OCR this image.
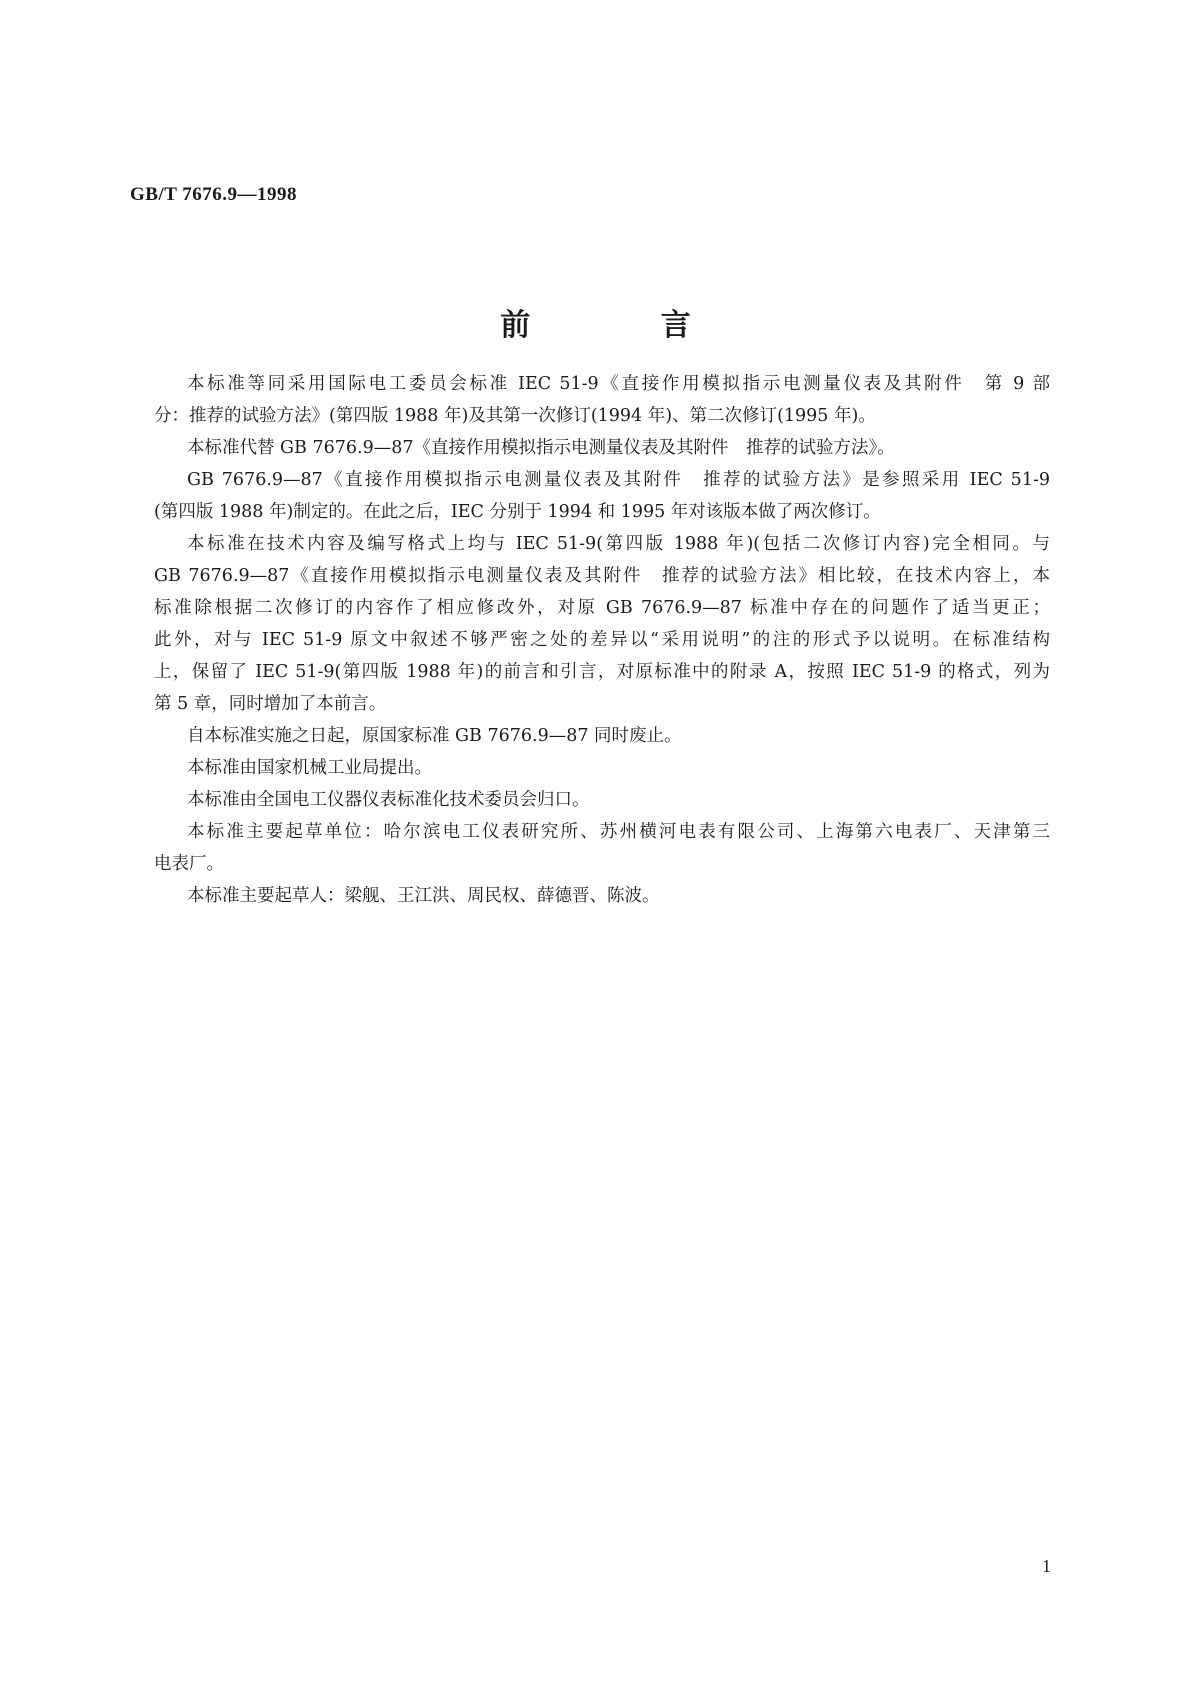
GB/T 7676.9—1998
前 言
本标准等同采用国际电工委员会标准 IEC 51-9《直接作用模拟指示电测量仪表及其附件　第 9 部
分：推荐的试验方法》(第四版 1988 年)及其第一次修订(1994 年)、第二次修订(1995 年)。
本标准代替 GB 7676.9—87《直接作用模拟指示电测量仪表及其附件　推荐的试验方法》。
GB 7676.9—87《直接作用模拟指示电测量仪表及其附件　推荐的试验方法》是参照采用 IEC 51-9
(第四版 1988 年)制定的。在此之后，IEC 分别于 1994 和 1995 年对该版本做了两次修订。
本标准在技术内容及编写格式上均与 IEC 51-9(第四版 1988 年)(包括二次修订内容)完全相同。与
GB 7676.9—87《直接作用模拟指示电测量仪表及其附件　推荐的试验方法》相比较，在技术内容上，本
标准除根据二次修订的内容作了相应修改外，对原 GB 7676.9—87 标准中存在的问题作了适当更正；
此外，对与 IEC 51-9 原文中叙述不够严密之处的差异以“采用说明”的注的形式予以说明。在标准结构
上，保留了 IEC 51-9(第四版 1988 年)的前言和引言，对原标准中的附录 A，按照 IEC 51-9 的格式，列为
第 5 章，同时增加了本前言。
自本标准实施之日起，原国家标准 GB 7676.9—87 同时废止。
本标准由国家机械工业局提出。
本标准由全国电工仪器仪表标准化技术委员会归口。
本标准主要起草单位：哈尔滨电工仪表研究所、苏州横河电表有限公司、上海第六电表厂、天津第三
电表厂。
本标准主要起草人：梁舰、王江洪、周民权、薛德晋、陈波。
1
